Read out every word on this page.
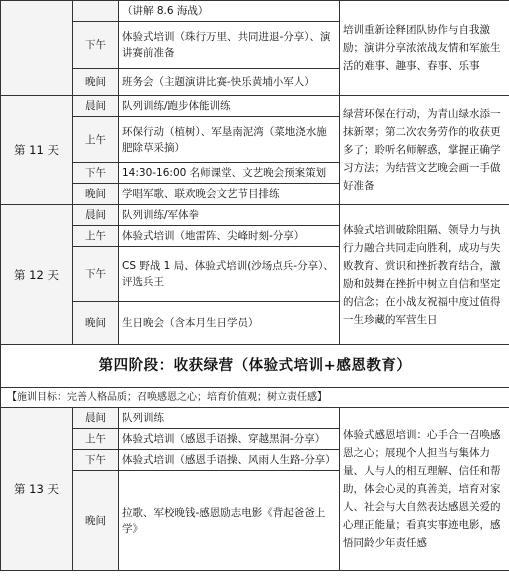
		（讲解 8.6 海战）	培训重新诠释团队协作与自我激励；演讲分享浓浓战友情和军旅生活的难事、趣事、春事、乐事
	下午	体验式培训（珠行万里、共同进退-分享）、演讲赛前准备	
	晚间	班务会（主题演讲比赛-快乐黄埔小军人）	
第 11 天	晨间	队列训练/跑步体能训练	绿营环保在行动，为青山绿水添一抹新翠；第二次农务劳作的收获更多了；聆听名师解惑，掌握正确学习方法；为结营文艺晚会画一手做好准备
	上午	环保行动（植树）、军垦南泥湾（菜地浇水施肥除草采摘）	
	下午	14:30-16:00 名师课堂、文艺晚会预案策划	
	晚间	学唱军歌、联欢晚会文艺节目排练	
第 12 天	晨间	队列训练/军体拳	体验式培训破除阻隔、领导力与执行力融合共同走向胜利，成功与失败教育、赏识和挫折教育结合，激励和鼓舞在挫折中树立自信和坚定的信念；在小战友祝福中度过值得一生珍藏的军营生日
	上午	体验式培训（地雷阵、尖峰时刻-分享）	
	下午	CS 野战 1 局、体验式培训(沙场点兵-分享）、评选兵王	
	晚间	生日晚会（含本月生日学员）	
第四阶段：收获绿营（体验式培训+感恩教育）			
【施训目标：完善人格品质；召唤感恩之心；培育价值观；树立责任感】			
第 13 天	晨间	队列训练	体验式感恩培训：心手合一召唤感恩之心；展现个人担当与集体力量、人与人的相互理解、信任和帮助，体会心灵的真善美，培育对家人、社会与大自然表达感恩关爱的心理正能量；看真实事迹电影，感悟同龄少年责任感
	上午	体验式培训（感恩手语操、穿越黑洞-分享）	
	下午	体验式培训（感恩手语操、风雨人生路-分享）	
	晚间	拉歌、军校晚钱-感恩励志电影《背起爸爸上学》	
